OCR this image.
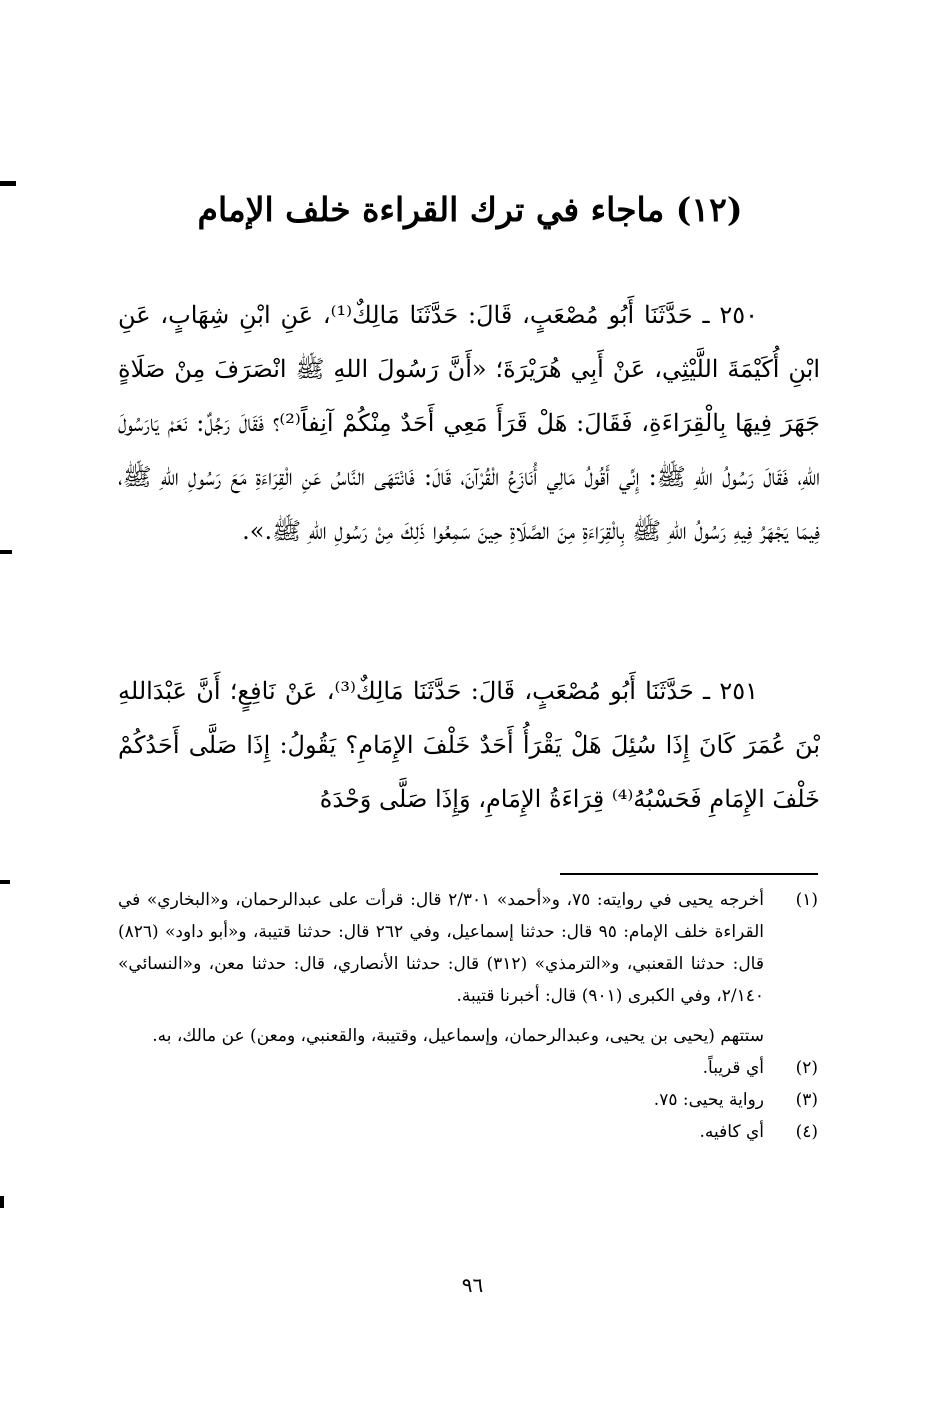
(١٢) ماجاء في ترك القراءة خلف الإمام

٢٥٠ ـ حَدَّثَنَا أَبُو مُصْعَبٍ، قَالَ: حَدَّثَنَا مَالِكٌ⁽¹⁾، عَنِ ابْنِ شِهَابٍ، عَنِ ابْنِ أُكَيْمَةَ اللَّيْثِي، عَنْ أَبِي هُرَيْرَةَ؛ «أَنَّ رَسُولَ اللهِ ﷺ انْصَرَفَ مِنْ صَلَاةٍ جَهَرَ فِيهَا بِالْقِرَاءَةِ، فَقَالَ: هَلْ قَرَأَ مَعِي أَحَدٌ مِنْكُمْ آنِفاً⁽²⁾؟ فَقَالَ رَجُلٌ: نَعَمْ يَارَسُولَ اللهِ، فَقَالَ رَسُولُ اللهِ ﷺ: إِنِّي أَقُولُ مَالِي أُنَازَعُ الْقُرْآنَ، قَالَ: فَانْتَهَى النَّاسُ عَنِ الْقِرَاءَةِ مَعَ رَسُولِ اللهِ ﷺ، فِيمَا يَجْهَرُ فِيهِ رَسُولُ اللهِ ﷺ بِالْقِرَاءَةِ مِنَ الصَّلَاةِ حِينَ سَمِعُوا ذَلِكَ مِنْ رَسُولِ اللهِ ﷺ.».

٢٥١ ـ حَدَّثَنَا أَبُو مُصْعَبٍ، قَالَ: حَدَّثَنَا مَالِكٌ⁽³⁾، عَنْ نَافِعٍ؛ أَنَّ عَبْدَاللهِ بْنَ عُمَرَ كَانَ إِذَا سُئِلَ هَلْ يَقْرَأُ أَحَدٌ خَلْفَ الإِمَامِ؟ يَقُولُ: إِذَا صَلَّى أَحَدُكُمْ خَلْفَ الإِمَامِ فَحَسْبُهُ⁽⁴⁾ قِرَاءَةُ الإِمَامِ، وَإِذَا صَلَّى وَحْدَهُ

(١)
أخرجه يحيى في روايته: ٧٥، و«أحمد» ٢/٣٠١ قال: قرأت على عبدالرحمان، و«البخاري» في القراءة خلف الإمام: ٩٥ قال: حدثنا إسماعيل، وفي ٢٦٢ قال: حدثنا قتيبة، و«أبو داود» (٨٢٦) قال: حدثنا القعنبي، و«الترمذي» (٣١٢) قال: حدثنا الأنصاري، قال: حدثنا معن، و«النسائي» ٢/١٤٠، وفي الكبرى (٩٠١) قال: أخبرنا قتيبة.
ستتهم (يحيى بن يحيى، وعبدالرحمان، وإسماعيل، وقتيبة، والقعنبي، ومعن) عن مالك، به.
(٢)
أي قريباً.
(٣)
رواية يحيى: ٧٥.
(٤)
أي كافيه.
٩٦
